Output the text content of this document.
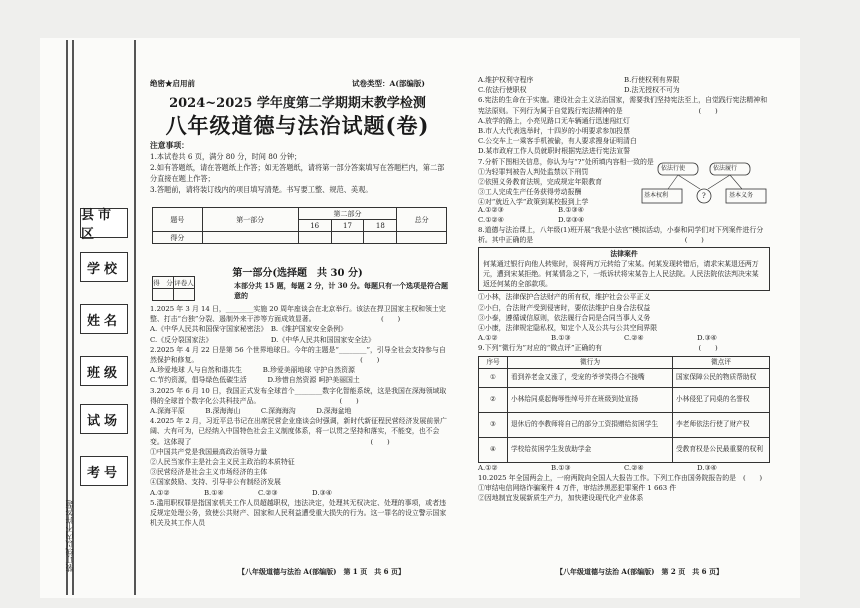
县市区
学校
姓名
班级
试场
考号
装订线以内不许答题
绝密★启用前	试卷类型：A(部编版)
2024~2025 学年度第二学期期末教学检测
八年级道德与法治试题(卷)
注意事项：
1.本试卷共 6 页，满分 80 分，时间 80 分钟；
2.如有答题纸，请在答题纸上作答；如无答题纸，请将第一部分答案填写在答题栏内，第二部分直接在题上作答；
3.答题前，请将装订线内的项目填写清楚。书写要工整、规范、美观。
题号	第一部分	第二部分			总分
		16	17	18	
得分					
第一部分(选择题　共 30 分)
得　分	评卷人
		本部分共 15 题，每题 2 分，计 30 分。每题只有一个选项是符合题意的

1.2025 年 3 月 14 日，________实施 20 周年座谈会在北京举行。该法在捍卫国家主权和领土完整、打击“台独”分裂、遏制外来干涉等方面成效显著。　　　　　　　　　　(　　)

A.《中华人民共和国保守国家秘密法》　B.《维护国家安全条例》

C.《反分裂国家法》　　　　　　　　　D.《中华人民共和国国家安全法》

2.2025 年 4 月 22 日是第 56 个世界地球日。今年的主题是“________”，引导全社会支持参与自然保护和修复。　　　　　　　　　　　　　　　　　　　　　　　　(　　)

A.珍爱地球 人与自然和谐共生　　　B.珍爱美丽地球 守护自然资源

C.节约资源，倡导绿色低碳生活　　　D.珍惜自然资源 呵护美丽国土

3.2025 年 6 月 10 日，我国正式发布全球首个________数字化智能系统，这是我国在深海领域取得的全球首个数字化公共科技产品。　　　　　　　　　　　　(　　)

A.深海平原　　　B.深海海山　　　C.深海海沟　　　D.深海盆地

4.2025 年 2 月，习近平总书记在出席民营企业座谈会时强调，新时代新征程民营经济发展前景广阔、大有可为，已经纳入中国特色社会主义制度体系，将一以贯之坚持和落实，不能变，也不会变。这体现了　　　　　　　　　　　　　　　　　　　　　　　　　　(　　)

①中国共产党是我国最高政治领导力量

②人民当家作主是社会主义民主政治的本质特征

③民营经济是社会主义市场经济的主体

④国家鼓励、支持、引导非公有制经济发展

A.①②　　　　　B.①④　　　　　C.②③　　　　　D.③④

5.滥用职权罪是指国家机关工作人员超越职权，违法决定，处理其无权决定、处理的事项，或者违反规定处理公务，致使公共财产、国家和人民利益遭受重大损失的行为。这一罪名的设立警示国家机关及其工作人员

A.维护权利守程序	B.行使权利有界限
C.依法行使职权	D.法无授权不可为

6.宪法的生命在于实施。建设社会主义法治国家，需要我们坚持宪法至上，自觉践行宪法精神和宪法原则。下列行为属于自觉践行宪法精神的是　　　　　　　　　　　(　　)

A.放学的路上，小亮见路口无车辆通行迅速闯红灯

B.市人大代表选举时，十四岁的小明要求参加投票

C.公交车上一乘客手机被偷，有人要求搜身证明清白

D.某市政府工作人员就职时根据宪法进行宪法宣誓

7.分析下图相关信息，你认为与“?”处所填内容相一致的是

①为轻罪判被告人判处监禁以下刑罚

②依照义务教育法规，完成规定年限教育

③工人完成生产任务获得劳动报酬

④对“就近入学”政策到某校报到上学

依法行使	依法履行
基本权利	?	基本义务
A.①②③	B.①③④
C.①②④	D.②③④

8.道德与法治课上，八年级(1)班开展“我是小法官”模拟活动，小泰和同学们对下列案件进行分析。其中正确的是　　　　　　　　　　　　　　　　　　　　　　(　　)

法律案件
何某通过银行向他人转账时，误将两万元转给了宋某。何某发现转错后，请求宋某退还两万元，遭到宋某拒绝。何某情急之下，一纸诉状将宋某告上人民法院。人民法院依法判决宋某返还何某的全部款项。

①小林，法律保护合法财产的所有权，维护社会公平正义

②小白，合法财产受到侵害时，要依法维护自身合法权益

③小泰，遵循诚信原则，依法履行合同是合同当事人义务

④小康，法律规定隐私权，知定个人及公共与公共空间界限

A.①②	B.①③	C.②④	D.③④

9.下列“微行为”对应的“微点评”正确的有　　　　　　　　　　　　　　(　　)

序号	微行为	微点评
①	看到养老金又涨了，受宠的爷爷笑得合不拢嘴	国家保障公民的物质帮助权
②	小林给同桌起侮辱性绰号并在班级到处宣扬	小林侵犯了同桌的名誉权
③	退休后的李教师将自己的部分工资捐赠给贫困学生	李老师依法行使了财产权
④	学校给贫困学生发放助学金	受教育权是公民最重要的权利
A.①②	B.①③	C.②④	D.③④

10.2025 年全国两会上，一府两院向全国人大报告工作。下列工作由国务院报告的是　(　　)

①审结电信网络诈骗案件 4 万件，审结涉黑恶犯罪案件 1 663 件

②因地制宜发展新质生产力，加快建设现代化产业体系

【八年级道德与法治 A(部编版)　第 1 页　共 6 页】	【八年级道德与法治 A(部编版)　第 2 页　共 6 页】
